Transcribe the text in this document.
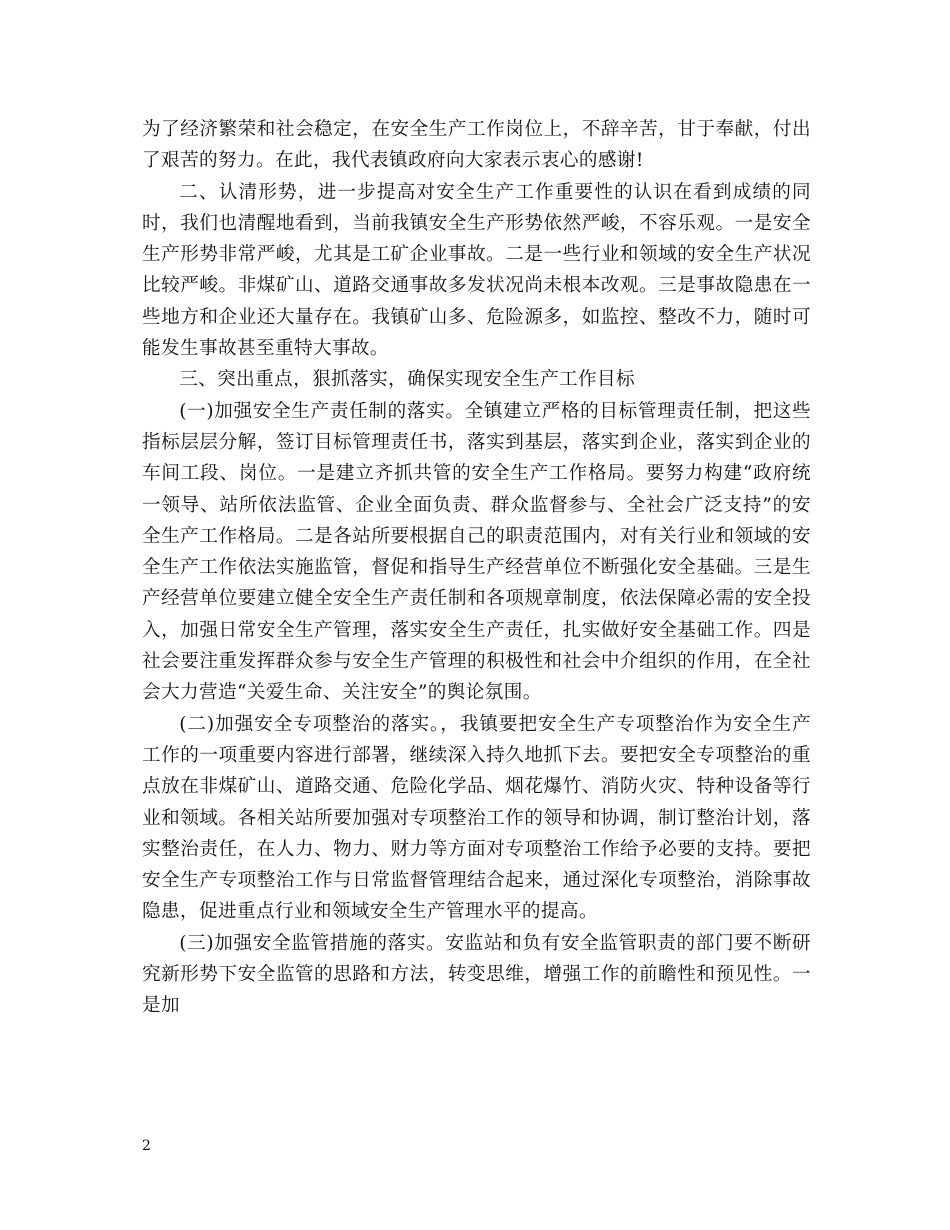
为了经济繁荣和社会稳定，在安全生产工作岗位上，不辞辛苦，甘于奉献，付出了艰苦的努力。在此，我代表镇政府向大家表示衷心的感谢!

二、认清形势，进一步提高对安全生产工作重要性的认识在看到成绩的同时，我们也清醒地看到，当前我镇安全生产形势依然严峻，不容乐观。一是安全生产形势非常严峻，尤其是工矿企业事故。二是一些行业和领域的安全生产状况比较严峻。非煤矿山、道路交通事故多发状况尚未根本改观。三是事故隐患在一些地方和企业还大量存在。我镇矿山多、危险源多，如监控、整改不力，随时可能发生事故甚至重特大事故。

三、突出重点，狠抓落实，确保实现安全生产工作目标

(一)加强安全生产责任制的落实。全镇建立严格的目标管理责任制，把这些指标层层分解，签订目标管理责任书，落实到基层，落实到企业，落实到企业的车间工段、岗位。一是建立齐抓共管的安全生产工作格局。要努力构建“政府统一领导、站所依法监管、企业全面负责、群众监督参与、全社会广泛支持”的安全生产工作格局。二是各站所要根据自己的职责范围内，对有关行业和领域的安全生产工作依法实施监管，督促和指导生产经营单位不断强化安全基础。三是生产经营单位要建立健全安全生产责任制和各项规章制度，依法保障必需的安全投入，加强日常安全生产管理，落实安全生产责任，扎实做好安全基础工作。四是社会要注重发挥群众参与安全生产管理的积极性和社会中介组织的作用，在全社会大力营造“关爱生命、关注安全”的舆论氛围。

(二)加强安全专项整治的落实。，我镇要把安全生产专项整治作为安全生产工作的一项重要内容进行部署，继续深入持久地抓下去。要把安全专项整治的重点放在非煤矿山、道路交通、危险化学品、烟花爆竹、消防火灾、特种设备等行业和领域。各相关站所要加强对专项整治工作的领导和协调，制订整治计划，落实整治责任，在人力、物力、财力等方面对专项整治工作给予必要的支持。要把安全生产专项整治工作与日常监督管理结合起来，通过深化专项整治，消除事故隐患，促进重点行业和领域安全生产管理水平的提高。

(三)加强安全监管措施的落实。安监站和负有安全监管职责的部门要不断研究新形势下安全监管的思路和方法，转变思维，增强工作的前瞻性和预见性。一是加

2
